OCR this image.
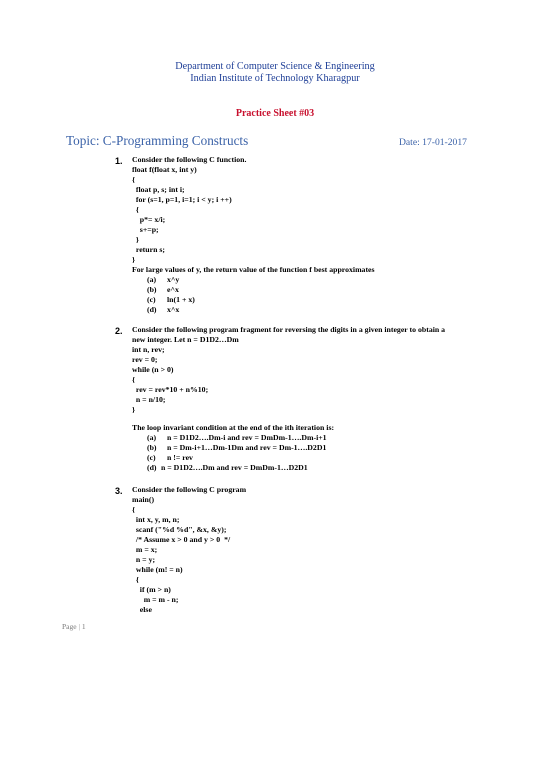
Department of Computer Science & Engineering
Indian Institute of Technology Kharagpur
Practice Sheet #03
Topic: C-Programming Constructs	Date: 17-01-2017
1. Consider the following C function.
float f(float x, int y)
{
float p, s; int i;
for (s=1, p=1, i=1; i < y; i ++)
{
p*= x/i;
s+=p;
}
return s;
}
For large values of y, the return value of the function f best approximates
(a) x^y
(b) e^x
(c) ln(1 + x)
(d) x^x
2. Consider the following program fragment for reversing the digits in a given integer to obtain a
new integer. Let n = D1D2…Dm
int n, rev;
rev = 0;
while (n > 0)
{
rev = rev*10 + n%10;
n = n/10;
}
The loop invariant condition at the end of the ith iteration is:
(a) n = D1D2….Dm-i and rev = DmDm-1….Dm-i+1
(b) n = Dm-i+1…Dm-1Dm and rev = Dm-1….D2D1
(c) n != rev
(d) n = D1D2….Dm and rev = DmDm-1…D2D1
3. Consider the following C program
main()
{
int x, y, m, n;
scanf ("%d %d", &x, &y);
/* Assume x > 0 and y > 0  */
m = x;
n = y;
while (m! = n)
{
if (m > n)
m = m - n;
else
Page | 1
